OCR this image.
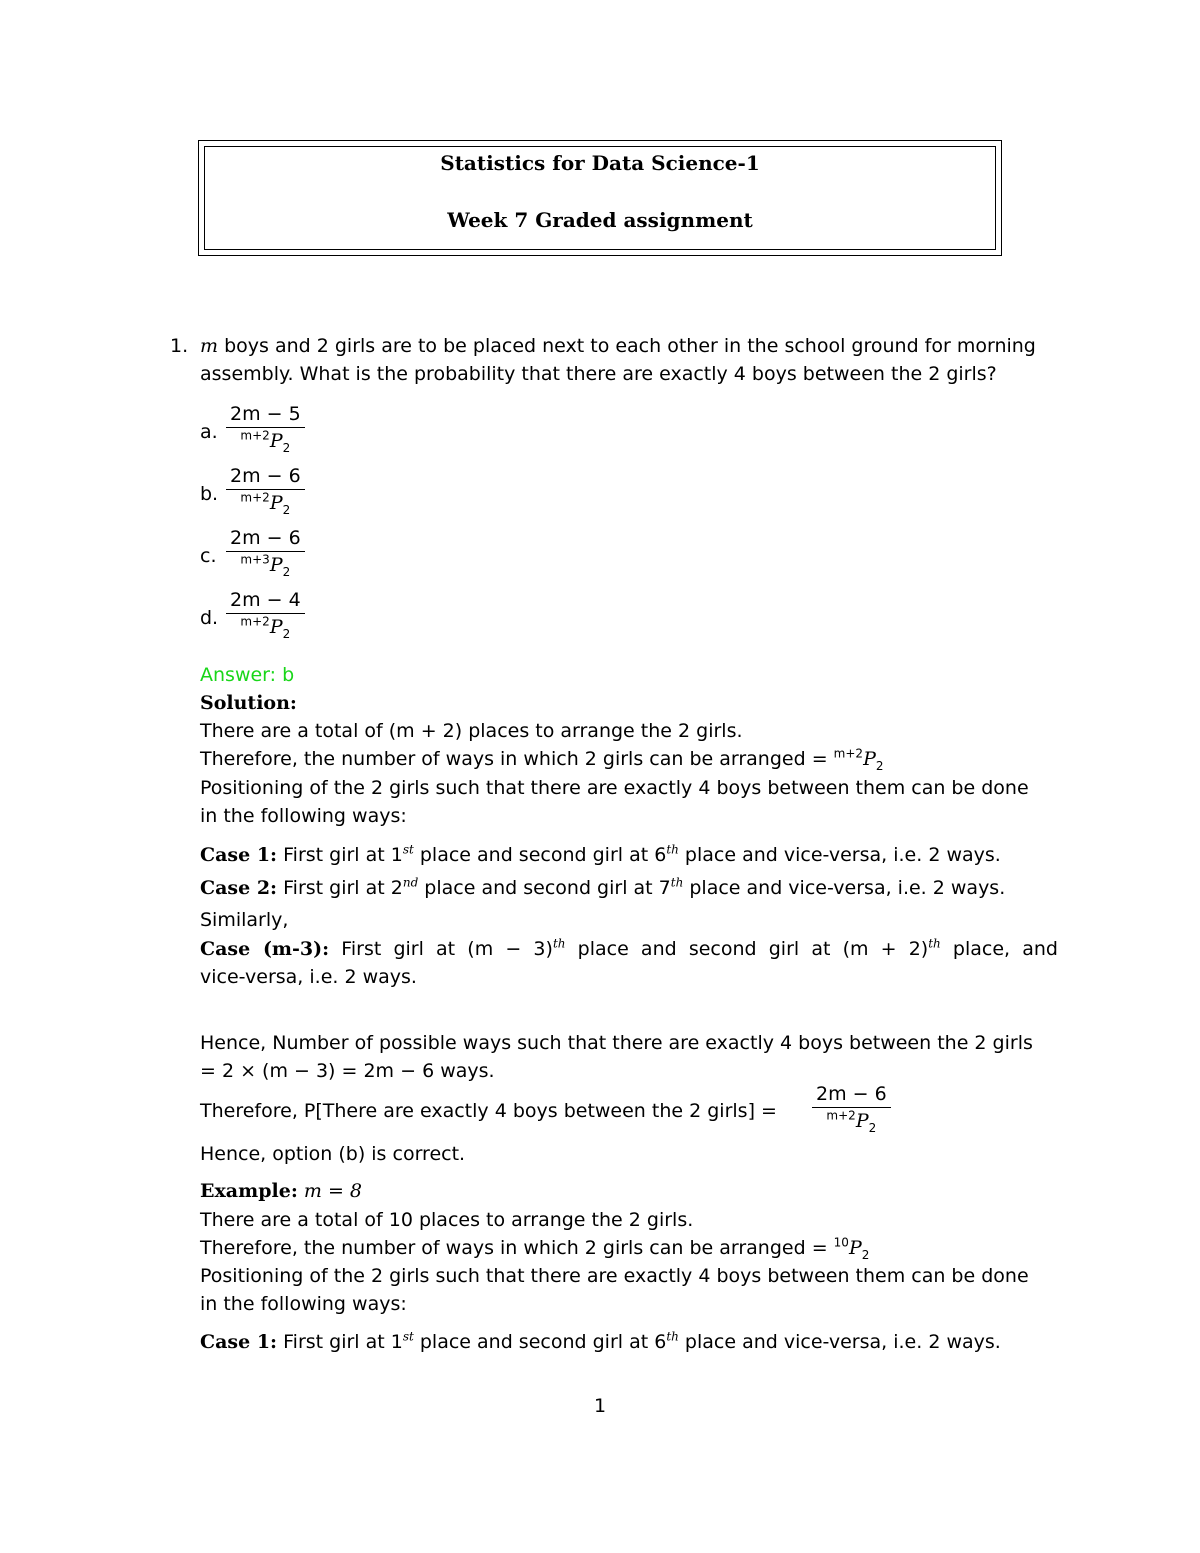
Statistics for Data Science-1
Week 7 Graded assignment
1. m boys and 2 girls are to be placed next to each other in the school ground for morning
assembly. What is the probability that there are exactly 4 boys between the 2 girls?
a. $\frac{2m - 5}{^{m+2}P_2}$
b. $\frac{2m - 6}{^{m+2}P_2}$
c. $\frac{2m - 6}{^{m+3}P_2}$
d. $\frac{2m - 4}{^{m+2}P_2}$
Answer: b
Solution:
There are a total of (m + 2) places to arrange the 2 girls.
Therefore, the number of ways in which 2 girls can be arranged = $^{m+2}P_2$
Positioning of the 2 girls such that there are exactly 4 boys between them can be done
in the following ways:
Case 1: First girl at 1st place and second girl at 6th place and vice-versa, i.e. 2 ways.
Case 2: First girl at 2nd place and second girl at 7th place and vice-versa, i.e. 2 ways.
Similarly,
Case (m-3): First girl at $(m - 3)^{th}$ place and second girl at $(m + 2)^{th}$ place, and
vice-versa, i.e. 2 ways.
Hence, Number of possible ways such that there are exactly 4 boys between the 2 girls
= 2 × (m − 3) = 2m − 6 ways.
Therefore, P[There are exactly 4 boys between the 2 girls] = $\frac{2m - 6}{^{m+2}P_2}$
Hence, option (b) is correct.
Example: m = 8
There are a total of 10 places to arrange the 2 girls.
Therefore, the number of ways in which 2 girls can be arranged = $^{10}P_2$
Positioning of the 2 girls such that there are exactly 4 boys between them can be done
in the following ways:
Case 1: First girl at 1st place and second girl at 6th place and vice-versa, i.e. 2 ways.
1
